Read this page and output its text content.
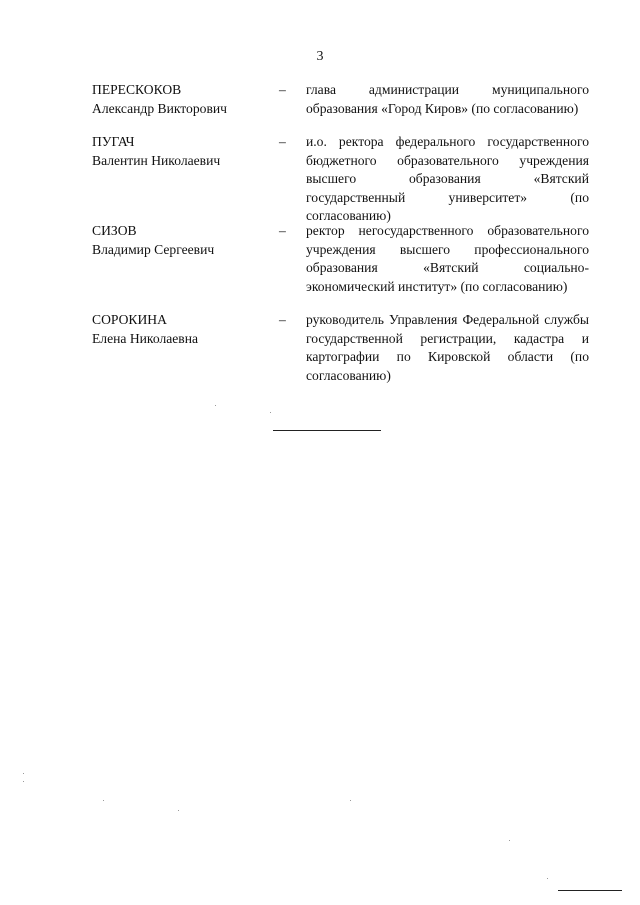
3
ПЕРЕСКОКОВ
Александр Викторович
– глава администрации муниципального образования «Город Киров» (по согласованию)
ПУГАЧ
Валентин Николаевич
– и.о. ректора федерального государственного бюджетного образовательного учреждения высшего образования «Вятский государственный университет» (по согласованию)
СИЗОВ
Владимир Сергеевич
– ректор негосударственного образовательного учреждения высшего профессионального образования «Вятский социально-экономический институт» (по согласованию)
СОРОКИНА
Елена Николаевна
– руководитель Управления Федеральной службы государственной регистрации, кадастра и картографии по Кировской области (по согласованию)
